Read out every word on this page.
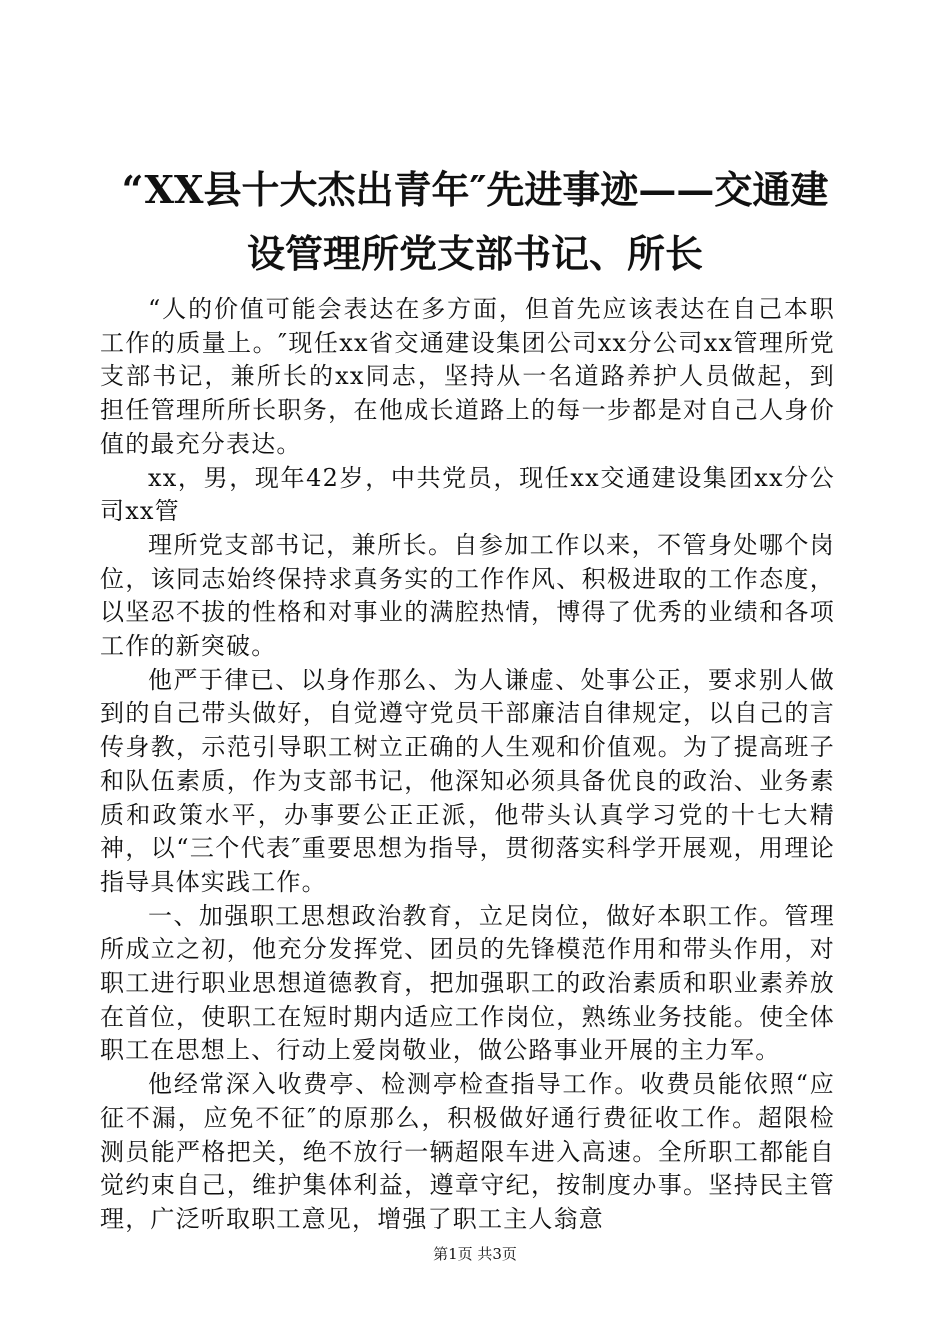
“XX县十大杰出青年″先进事迹——交通建
设管理所党支部书记、所长

“人的价值可能会表达在多方面，但首先应该表达在自己本职工作的质量上。″现任xx省交通建设集团公司xx分公司xx管理所党支部书记，兼所长的xx同志，坚持从一名道路养护人员做起，到担任管理所所长职务，在他成长道路上的每一步都是对自己人身价值的最充分表达。

xx，男，现年42岁，中共党员，现任xx交通建设集团xx分公司xx管

理所党支部书记，兼所长。自参加工作以来，不管身处哪个岗位，该同志始终保持求真务实的工作作风、积极进取的工作态度，以坚忍不拔的性格和对事业的满腔热情，博得了优秀的业绩和各项工作的新突破。

他严于律已、以身作那么、为人谦虚、处事公正，要求别人做到的自己带头做好，自觉遵守党员干部廉洁自律规定，以自己的言传身教，示范引导职工树立正确的人生观和价值观。为了提高班子和队伍素质，作为支部书记，他深知必须具备优良的政治、业务素质和政策水平，办事要公正正派，他带头认真学习党的十七大精神，以“三个代表″重要思想为指导，贯彻落实科学开展观，用理论指导具体实践工作。

一、加强职工思想政治教育，立足岗位，做好本职工作。管理所成立之初，他充分发挥党、团员的先锋模范作用和带头作用，对职工进行职业思想道德教育，把加强职工的政治素质和职业素养放在首位，使职工在短时期内适应工作岗位，熟练业务技能。使全体职工在思想上、行动上爱岗敬业，做公路事业开展的主力军。

他经常深入收费亭、检测亭检查指导工作。收费员能依照“应征不漏，应免不征″的原那么，积极做好通行费征收工作。超限检测员能严格把关，绝不放行一辆超限车进入高速。全所职工都能自觉约束自己，维护集体利益，遵章守纪，按制度办事。坚持民主管理，广泛听取职工意见，增强了职工主人翁意

第1页 共3页
